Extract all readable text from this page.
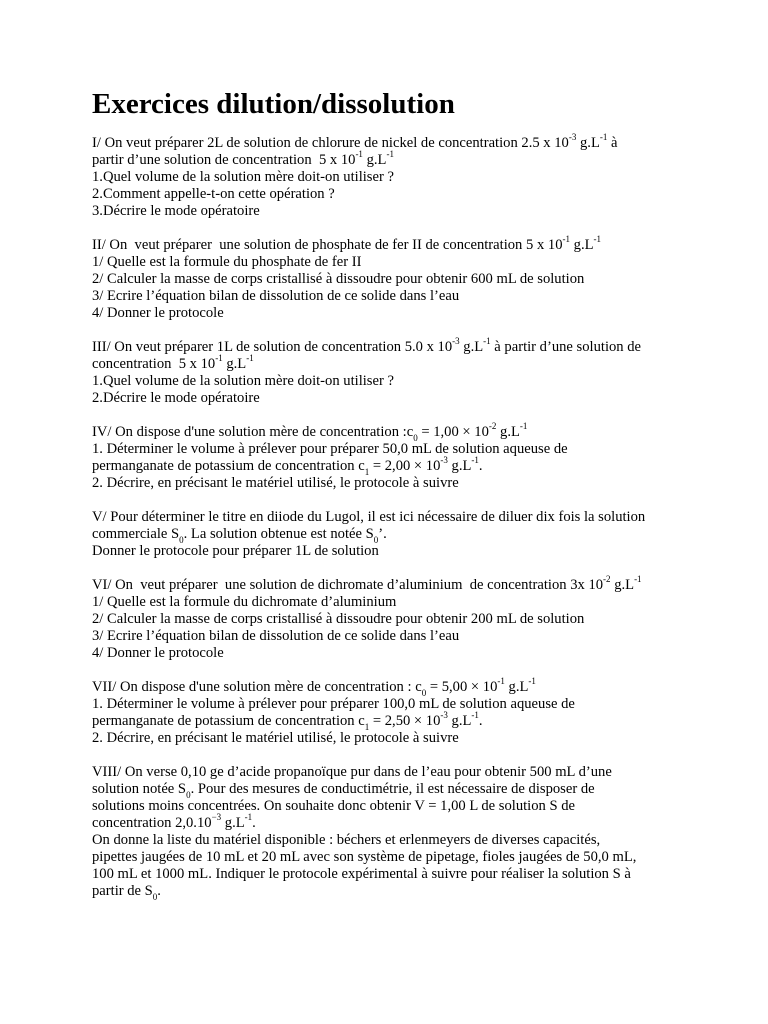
Exercices dilution/dissolution
I/ On veut préparer 2L de solution de chlorure de nickel de concentration 2.5 x $10^{-3}$ $g.L^{-1}$ à
partir d’une solution de concentration  5 x $10^{-1}$ $g.L^{-1}$
1.Quel volume de la solution mère doit-on utiliser ?
2.Comment appelle-t-on cette opération ?
3.Décrire le mode opératoire
II/ On  veut préparer  une solution de phosphate de fer II de concentration 5 x $10^{-1}$ $g.L^{-1}$
1/ Quelle est la formule du phosphate de fer II
2/ Calculer la masse de corps cristallisé à dissoudre pour obtenir 600 mL de solution
3/ Ecrire l’équation bilan de dissolution de ce solide dans l’eau
4/ Donner le protocole
III/ On veut préparer 1L de solution de concentration 5.0 x $10^{-3}$ $g.L^{-1}$ à partir d’une solution de
concentration  5 x $10^{-1}$ $g.L^{-1}$
1.Quel volume de la solution mère doit-on utiliser ?
2.Décrire le mode opératoire
IV/ On dispose d'une solution mère de concentration $:c_0 = 1,00 \times 10^{-2}$ $g.L^{-1}$
1. Déterminer le volume à prélever pour préparer 50,0 mL de solution aqueuse de
permanganate de potassium de concentration $c_1 = 2,00 \times 10^{-3}$ $g.L^{-1}$.
2. Décrire, en précisant le matériel utilisé, le protocole à suivre
V/ Pour déterminer le titre en diiode du Lugol, il est ici nécessaire de diluer dix fois la solution
commerciale $S_0$. La solution obtenue est notée $S_0$’.
Donner le protocole pour préparer 1L de solution
VI/ On  veut préparer  une solution de dichromate d’aluminium  de concentration 3x $10^{-2}$ $g.L^{-1}$
1/ Quelle est la formule du dichromate d’aluminium
2/ Calculer la masse de corps cristallisé à dissoudre pour obtenir 200 mL de solution
3/ Ecrire l’équation bilan de dissolution de ce solide dans l’eau
4/ Donner le protocole
VII/ On dispose d'une solution mère de concentration : $c_0 = 5,00 \times 10^{-1}$ $g.L^{-1}$
1. Déterminer le volume à prélever pour préparer 100,0 mL de solution aqueuse de
permanganate de potassium de concentration $c_1 = 2,50 \times 10^{-3}$ $g.L^{-1}$.
2. Décrire, en précisant le matériel utilisé, le protocole à suivre
VIII/ On verse 0,10 ge d’acide propanoïque pur dans de l’eau pour obtenir 500 mL d’une
solution notée $S_0$. Pour des mesures de conductimétrie, il est nécessaire de disposer de
solutions moins concentrées. On souhaite donc obtenir V = 1,00 L de solution S de
concentration $2,0.10^{-3}$ $g.L^{-1}$.
On donne la liste du matériel disponible : béchers et erlenmeyers de diverses capacités,
pipettes jaugées de 10 mL et 20 mL avec son système de pipetage, fioles jaugées de 50,0 mL,
100 mL et 1000 mL. Indiquer le protocole expérimental à suivre pour réaliser la solution S à
partir de $S_0$.
